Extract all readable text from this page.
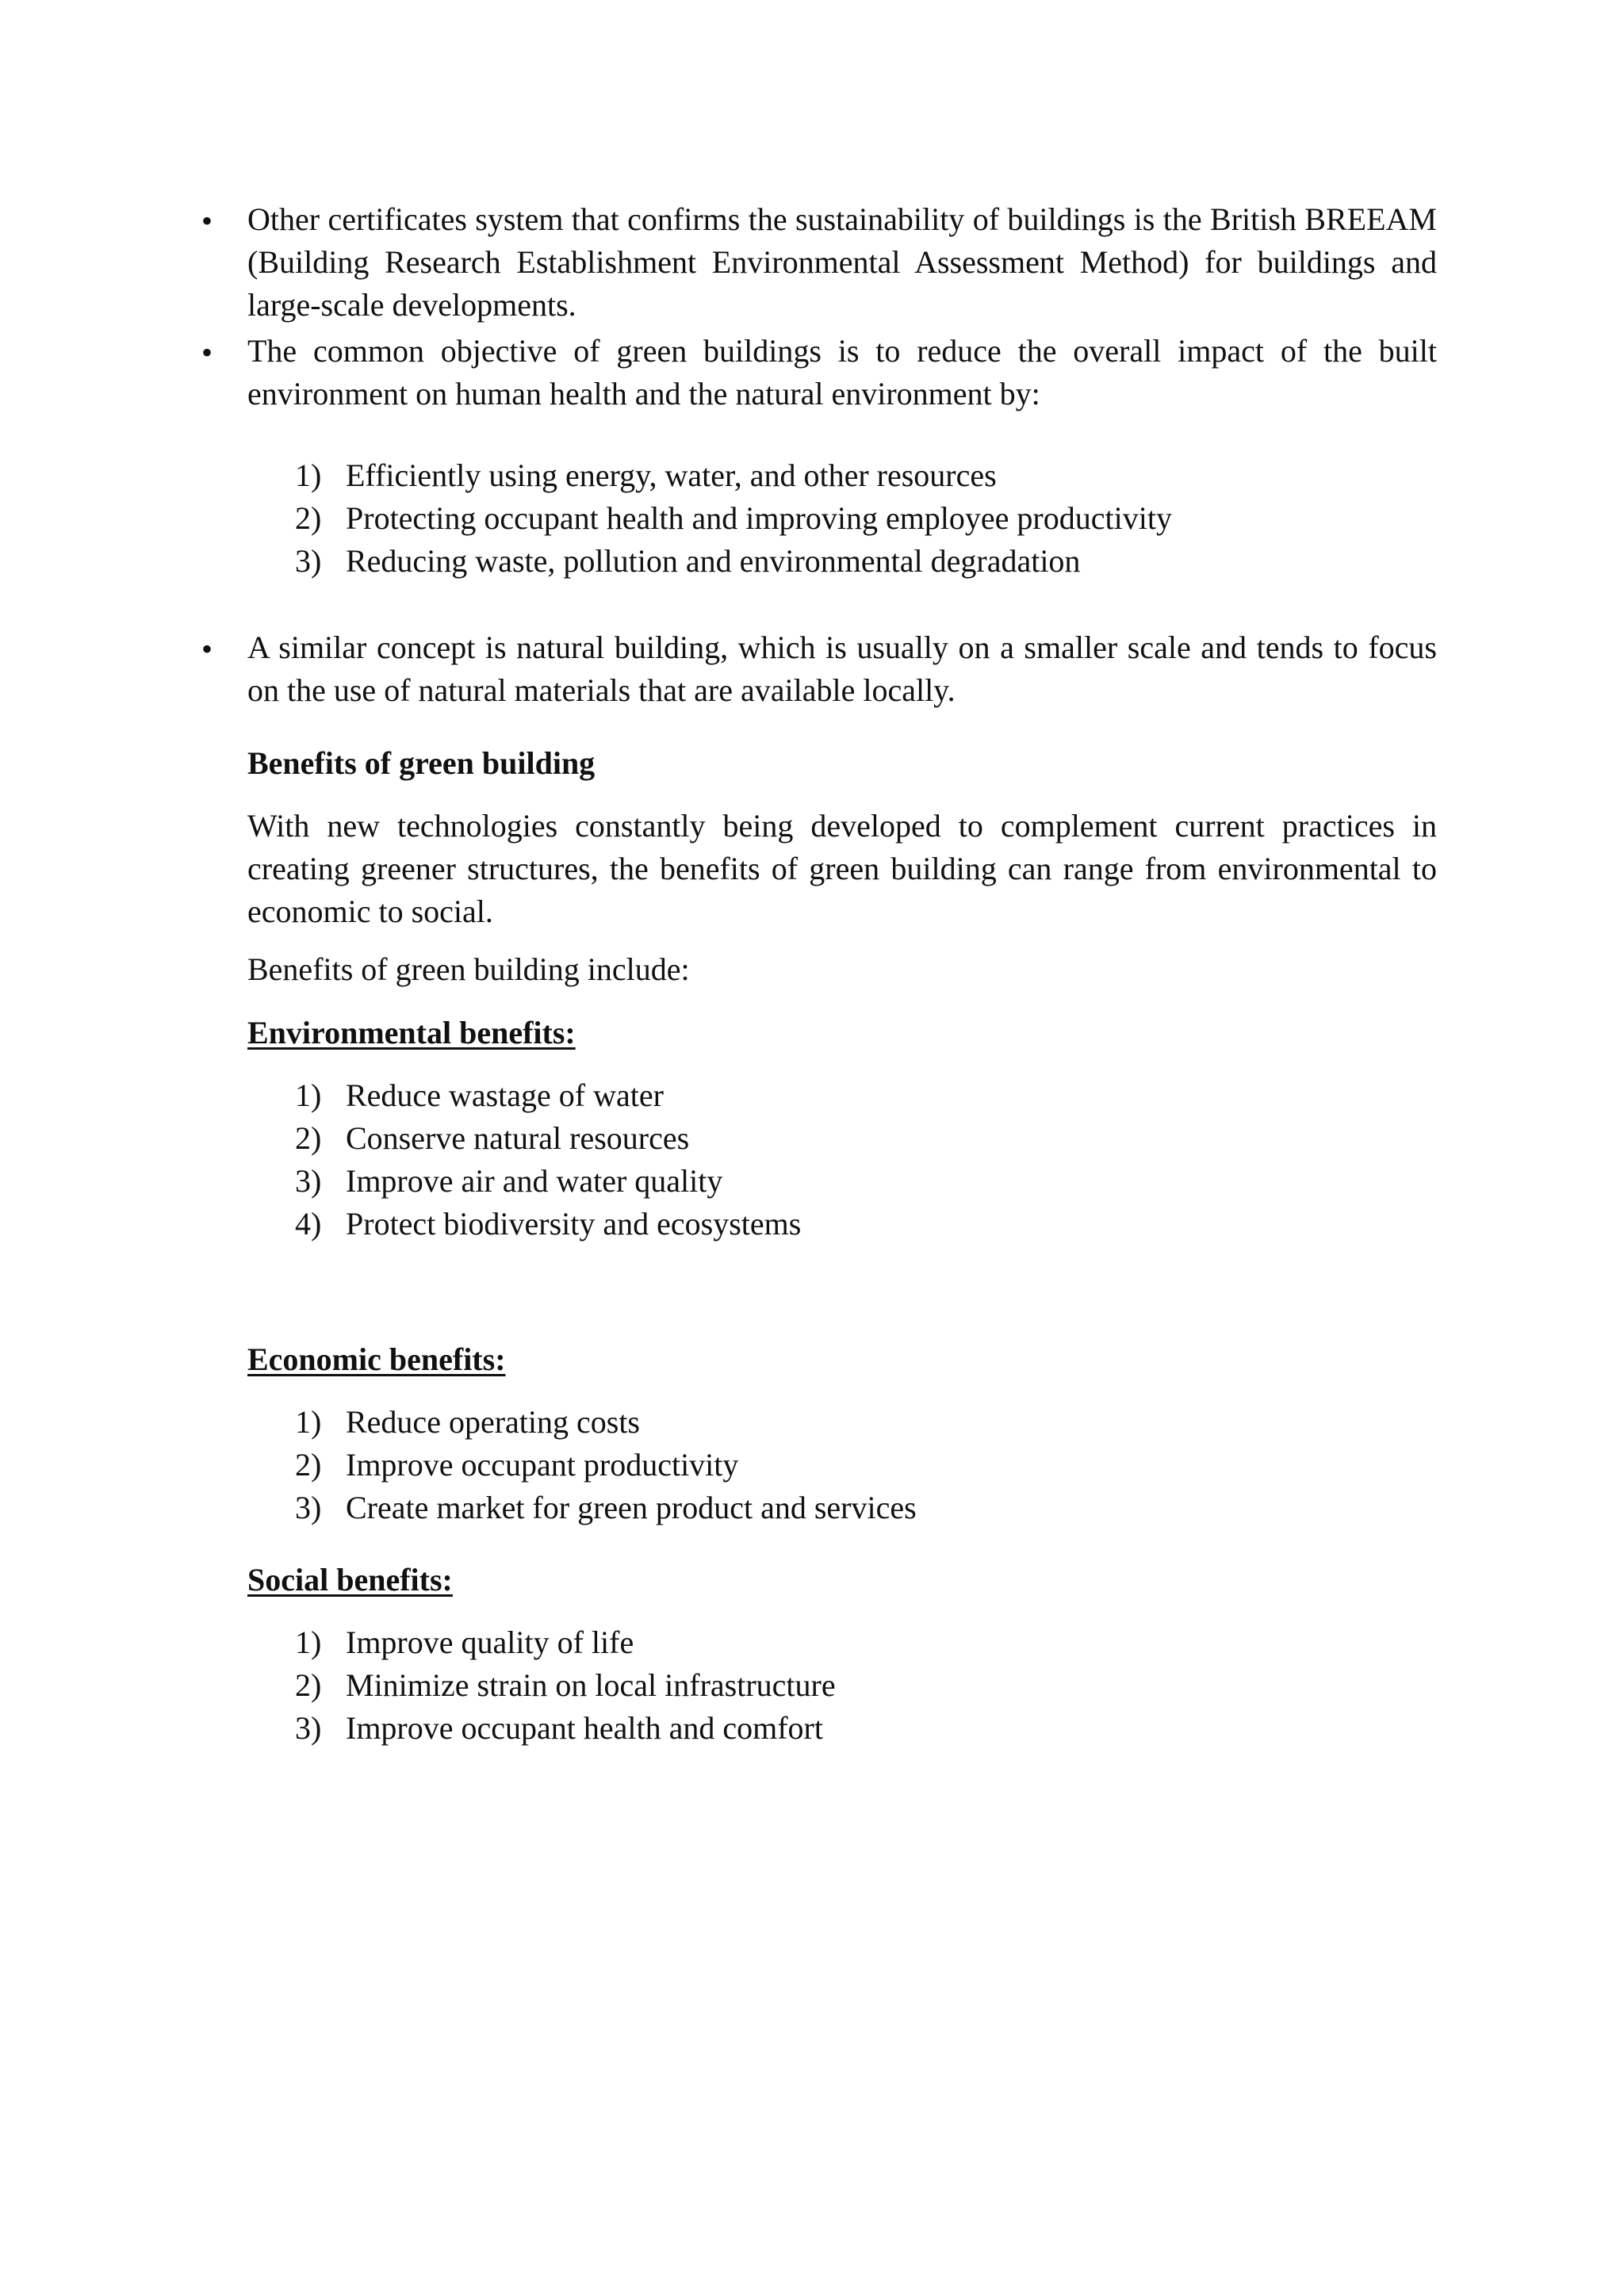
• Other certificates system that confirms the sustainability of buildings is the British BREEAM (Building Research Establishment Environmental Assessment Method) for buildings and large-scale developments.

• The common objective of green buildings is to reduce the overall impact of the built environment on human health and the natural environment by:

1) Efficiently using energy, water, and other resources
2) Protecting occupant health and improving employee productivity
3) Reducing waste, pollution and environmental degradation
• A similar concept is natural building, which is usually on a smaller scale and tends to focus on the use of natural materials that are available locally.

Benefits of green building

With new technologies constantly being developed to complement current practices in creating greener structures, the benefits of green building can range from environmental to economic to social.

Benefits of green building include:

Environmental benefits:

1) Reduce wastage of water
2) Conserve natural resources
3) Improve air and water quality
4) Protect biodiversity and ecosystems

Economic benefits:

1) Reduce operating costs
2) Improve occupant productivity
3) Create market for green product and services

Social benefits:

1) Improve quality of life
2) Minimize strain on local infrastructure
3) Improve occupant health and comfort
